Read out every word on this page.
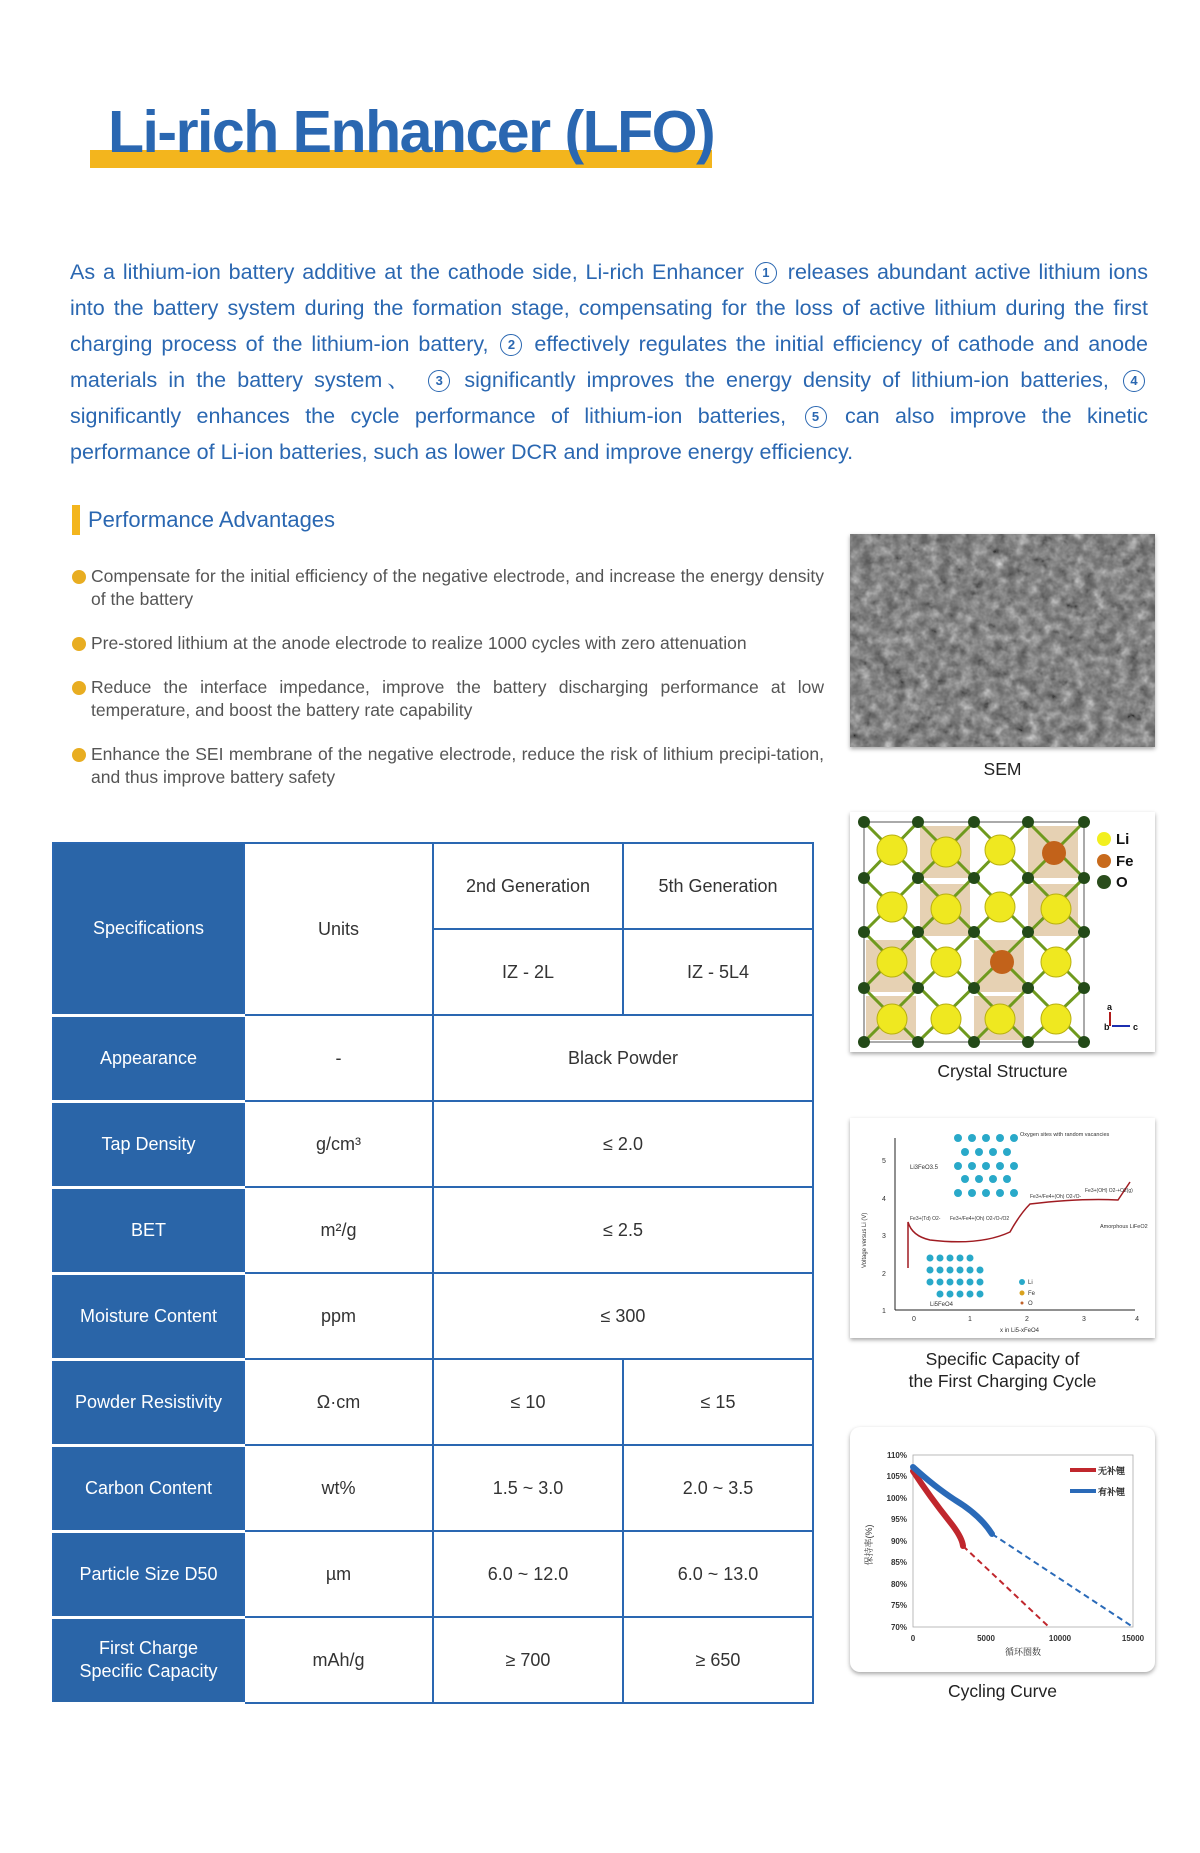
Li-rich Enhancer (LFO)

As a lithium-ion battery additive at the cathode side, Li-rich Enhancer 1 releases abundant active lithium ions into the battery system during the formation stage, compensating for the loss of active lithium during the first charging process of the lithium-ion battery, 2 effectively regulates the initial efficiency of cathode and anode materials in the battery system、 3 significantly improves the energy density of lithium-ion batteries, 4 significantly enhances the cycle performance of lithium-ion batteries, 5 can also improve the kinetic performance of Li-ion batteries, such as lower DCR and improve energy efficiency.

Performance Advantages
Compensate for the initial efficiency of the negative electrode, and increase the energy density of the battery
Pre-stored lithium at the anode electrode to realize 1000 cycles with zero attenuation
Reduce the interface impedance, improve the battery discharging performance at low temperature, and boost the battery rate capability
Enhance the SEI membrane of the negative electrode, reduce the risk of lithium precipi-tation, and thus improve battery safety
Specifications	Units	2nd Generation	5th Generation
		IZ - 2L	IZ - 5L4
Appearance	-	Black Powder	
Tap Density	g/cm³	≤ 2.0	
BET	m²/g	≤ 2.5	
Moisture Content	ppm	≤ 300	
Powder Resistivity	Ω·cm	≤ 10	≤ 15
Carbon Content	wt%	1.5 ~ 3.0	2.0 ~ 3.5
Particle Size D50	µm	6.0 ~ 12.0	6.0 ~ 13.0
First Charge Specific Capacity	mAh/g	≥ 700	≥ 650
SEM
Li
Fe
O
a
b	c
Crystal Structure
1
2
3
4
5
0	1	2	3	4
x in Li5-xFeO4
Voltage versus Li (V)
Li
Fe
O
Li3FeO3.5
Oxygen sites with random vacancies
Li5FeO4
Amorphous LiFeO2
Fe3+(Td) O2- Fe3+/Fe4+(Oh) O2-/O-/O2
Fe3+/Fe4+(Oh) O2-/O-
Fe3+(OH) O2-+O2(g)
Specific Capacity of
the First Charging Cycle
110%
105%
100%
95%
90%
85%
80%
75%
70%
0	5000	10000	15000
循环圈数
保持率(%)
无补锂
有补锂
Cycling Curve
